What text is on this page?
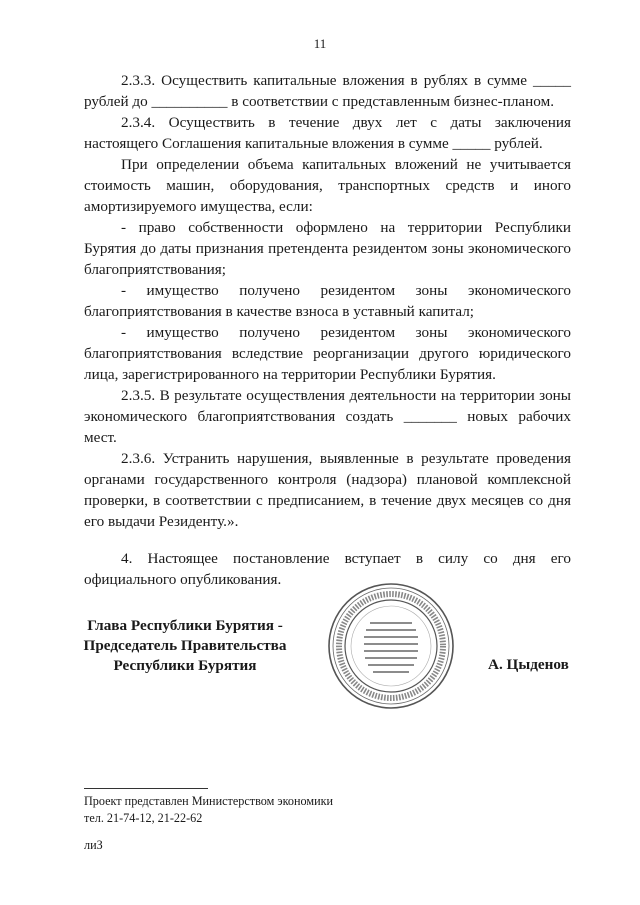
11

2.3.3. Осуществить капитальные вложения в рублях в сумме _____ рублей до __________ в соответствии с представленным бизнес-планом.

2.3.4. Осуществить в течение двух лет с даты заключения настоящего Соглашения капитальные вложения в сумме _____ рублей.

При определении объема капитальных вложений не учитывается стоимость машин, оборудования, транспортных средств и иного амортизируемого имущества, если:

- право собственности оформлено на территории Республики Бурятия до даты признания претендента резидентом зоны экономического благоприятствования;

- имущество получено резидентом зоны экономического благоприятствования в качестве взноса в уставный капитал;

- имущество получено резидентом зоны экономического благоприятствования вследствие реорганизации другого юридического лица, зарегистрированного на территории Республики Бурятия.

2.3.5. В результате осуществления деятельности на территории зоны экономического благоприятствования создать _______ новых рабочих мест.

2.3.6. Устранить нарушения, выявленные в результате проведения органами государственного контроля (надзора) плановой комплексной проверки, в соответствии с предписанием, в течение двух месяцев со дня его выдачи Резиденту.».

4. Настоящее постановление вступает в силу со дня его официального опубликования.

Глава Республики Бурятия -
Председатель Правительства
Республики Бурятия	А. Цыденов
Проект представлен Министерством экономики
тел. 21-74-12, 21-22-62
лиЗ
